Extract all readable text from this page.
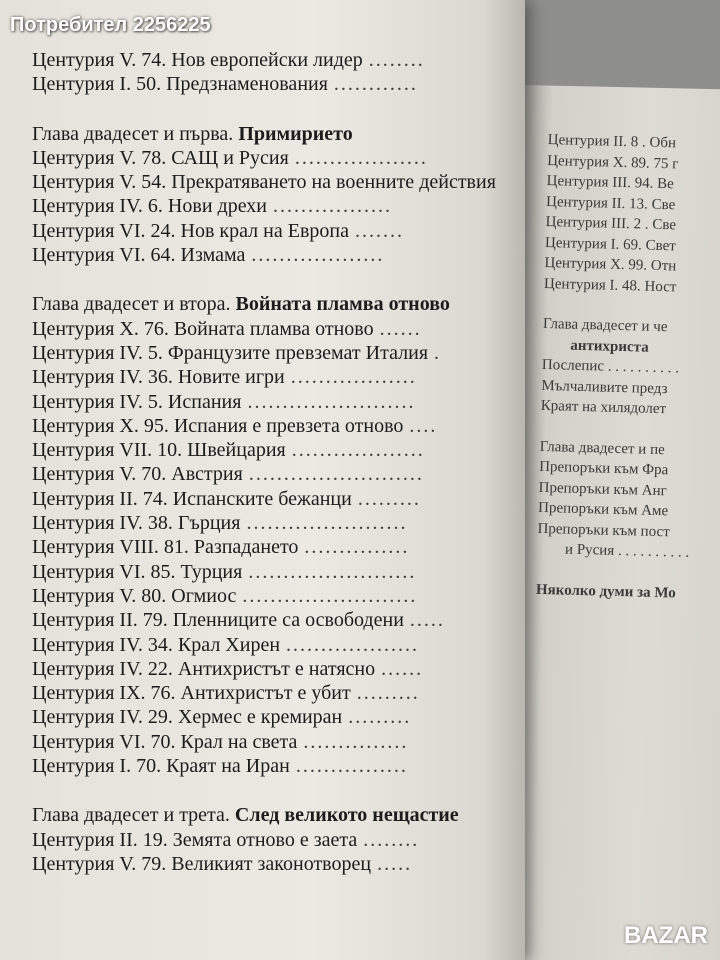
Центурия V. 74. Нов европейски лидер ........
Центурия I. 50. Предзнаменования ............
Глава двадесет и първа. Примирието
Центурия V. 78. САЩ и Русия ...................
Центурия V. 54. Прекратяването на военните действия
Центурия IV. 6. Нови дрехи .................
Центурия VI. 24. Нов крал на Европа .......
Центурия VI. 64. Измама ...................
Глава двадесет и втора. Войната пламва отново
Центурия X. 76. Войната пламва отново ......
Центурия IV. 5. Французите превземат Италия .
Центурия IV. 36. Новите игри ..................
Центурия IV. 5. Испания ........................
Центурия X. 95. Испания е превзета отново ....
Центурия VII. 10. Швейцария ...................
Центурия V. 70. Австрия .........................
Центурия II. 74. Испанските бежанци .........
Центурия IV. 38. Гърция .......................
Центурия VIII. 81. Разпадането ...............
Центурия VI. 85. Турция ........................
Центурия V. 80. Огмиос .........................
Центурия II. 79. Пленниците са освободени .....
Центурия IV. 34. Крал Хирен ...................
Центурия IV. 22. Антихристът е натясно ......
Центурия IX. 76. Антихристът е убит .........
Центурия IV. 29. Хермес е кремиран .........
Центурия VI. 70. Крал на света ...............
Центурия I. 70. Краят на Иран ................
Глава двадесет и трета. След великото нещастие
Центурия II. 19. Земята отново е заета ........
Центурия V. 79. Великият законотворец .....
Центурия II. 8 . Обн
Центурия X. 89. 75 г
Центурия III. 94. Ве
Центурия II. 13. Све
Центурия III. 2 . Све
Центурия I. 69. Свет
Центурия X. 99. Отн
Центурия I. 48. Ност
Глава двадесет и че
антихриста
Послепис . . . . . . . . . .
Мълчаливите предз
Краят на хилядолет
Глава двадесет и пе
Препоръки към Фра
Препоръки към Анг
Препоръки към Аме
Препоръки към пост
и Русия . . . . . . . . . .
Няколко думи за Мо
Потребител 2256225
BAZAR
